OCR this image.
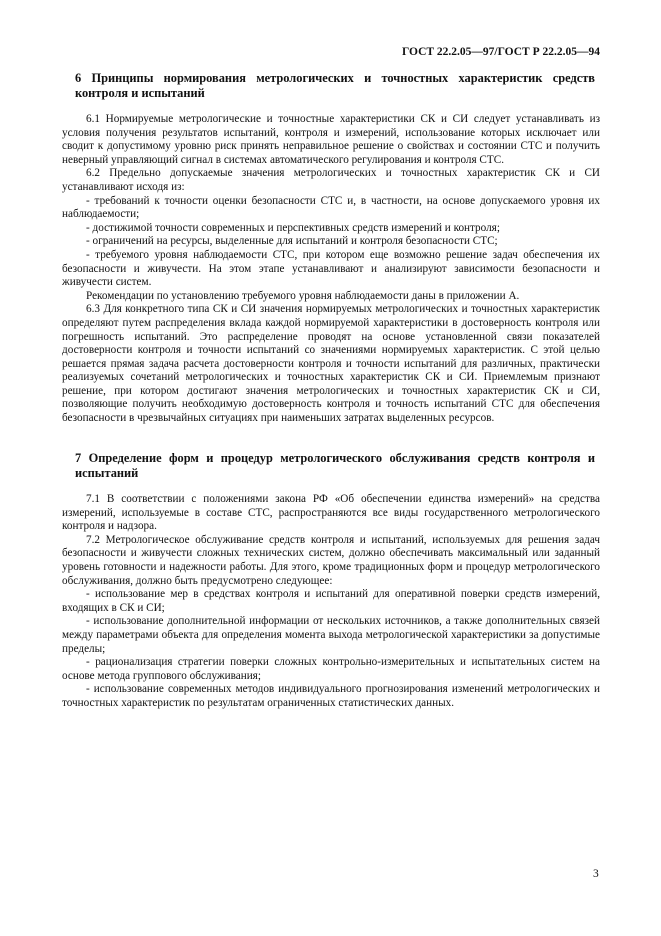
ГОСТ 22.2.05—97/ГОСТ Р 22.2.05—94
6 Принципы нормирования метрологических и точностных характеристик средств контроля и испытаний

6.1 Нормируемые метрологические и точностные характеристики СК и СИ следует устанавливать из условия получения результатов испытаний, контроля и измерений, использование которых исключает или сводит к допустимому уровню риск принять неправильное решение о свойствах и состоянии СТС и получить неверный управляющий сигнал в системах автоматического регулирования и контроля СТС.

6.2 Предельно допускаемые значения метрологических и точностных характеристик СК и СИ устанавливают исходя из:

- требований к точности оценки безопасности СТС и, в частности, на основе допускаемого уровня их наблюдаемости;

- достижимой точности современных и перспективных средств измерений и контроля;

- ограничений на ресурсы, выделенные для испытаний и контроля безопасности СТС;

- требуемого уровня наблюдаемости СТС, при котором еще возможно решение задач обеспечения их безопасности и живучести. На этом этапе устанавливают и анализируют зависимости безопасности и живучести систем.

Рекомендации по установлению требуемого уровня наблюдаемости даны в приложении А.

6.3 Для конкретного типа СК и СИ значения нормируемых метрологических и точностных характеристик определяют путем распределения вклада каждой нормируемой характеристики в достоверность контроля или погрешность испытаний. Это распределение проводят на основе установленной связи показателей достоверности контроля и точности испытаний со значениями нормируемых характеристик. С этой целью решается прямая задача расчета достоверности контроля и точности испытаний для различных, практически реализуемых сочетаний метрологических и точностных характеристик СК и СИ. Приемлемым признают решение, при котором достигают значения метрологических и точностных характеристик СК и СИ, позволяющие получить необходимую достоверность контроля и точность испытаний СТС для обеспечения безопасности в чрезвычайных ситуациях при наименьших затратах выделенных ресурсов.

7 Определение форм и процедур метрологического обслуживания средств контроля и испытаний

7.1 В соответствии с положениями закона РФ «Об обеспечении единства измерений» на средства измерений, используемые в составе СТС, распространяются все виды государственного метрологического контроля и надзора.

7.2 Метрологическое обслуживание средств контроля и испытаний, используемых для решения задач безопасности и живучести сложных технических систем, должно обеспечивать максимальный или заданный уровень готовности и надежности работы. Для этого, кроме традиционных форм и процедур метрологического обслуживания, должно быть предусмотрено следующее:

- использование мер в средствах контроля и испытаний для оперативной поверки средств измерений, входящих в СК и СИ;

- использование дополнительной информации от нескольких источников, а также дополнительных связей между параметрами объекта для определения момента выхода метрологической характеристики за допустимые пределы;

- рационализация стратегии поверки сложных контрольно-измерительных и испытательных систем на основе метода группового обслуживания;

- использование современных методов индивидуального прогнозирования изменений метрологических и точностных характеристик по результатам ограниченных статистических данных.

3
